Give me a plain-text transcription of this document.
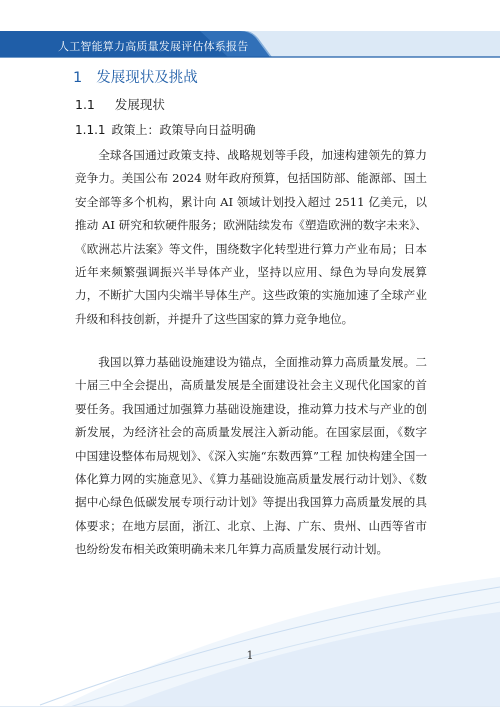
人工智能算力高质量发展评估体系报告
1 发展现状及挑战
1.1 发展现状
1.1.1 政策上：政策导向日益明确

全球各国通过政策支持、战略规划等手段，加速构建领先的算力竞争力。美国公布 2024 财年政府预算，包括国防部、能源部、国土安全部等多个机构，累计向 AI 领域计划投入超过 2511 亿美元，以推动 AI 研究和软硬件服务；欧洲陆续发布《塑造欧洲的数字未来》、《欧洲芯片法案》等文件，围绕数字化转型进行算力产业布局；日本近年来频繁强调振兴半导体产业，坚持以应用、绿色为导向发展算力，不断扩大国内尖端半导体生产。这些政策的实施加速了全球产业升级和科技创新，并提升了这些国家的算力竞争地位。

我国以算力基础设施建设为锚点，全面推动算力高质量发展。二十届三中全会提出，高质量发展是全面建设社会主义现代化国家的首要任务。我国通过加强算力基础设施建设，推动算力技术与产业的创新发展，为经济社会的高质量发展注入新动能。在国家层面，《数字中国建设整体布局规划》、《深入实施“东数西算”工程 加快构建全国一体化算力网的实施意见》、《算力基础设施高质量发展行动计划》、《数据中心绿色低碳发展专项行动计划》等提出我国算力高质量发展的具体要求；在地方层面，浙江、北京、上海、广东、贵州、山西等省市也纷纷发布相关政策明确未来几年算力高质量发展行动计划。

1
